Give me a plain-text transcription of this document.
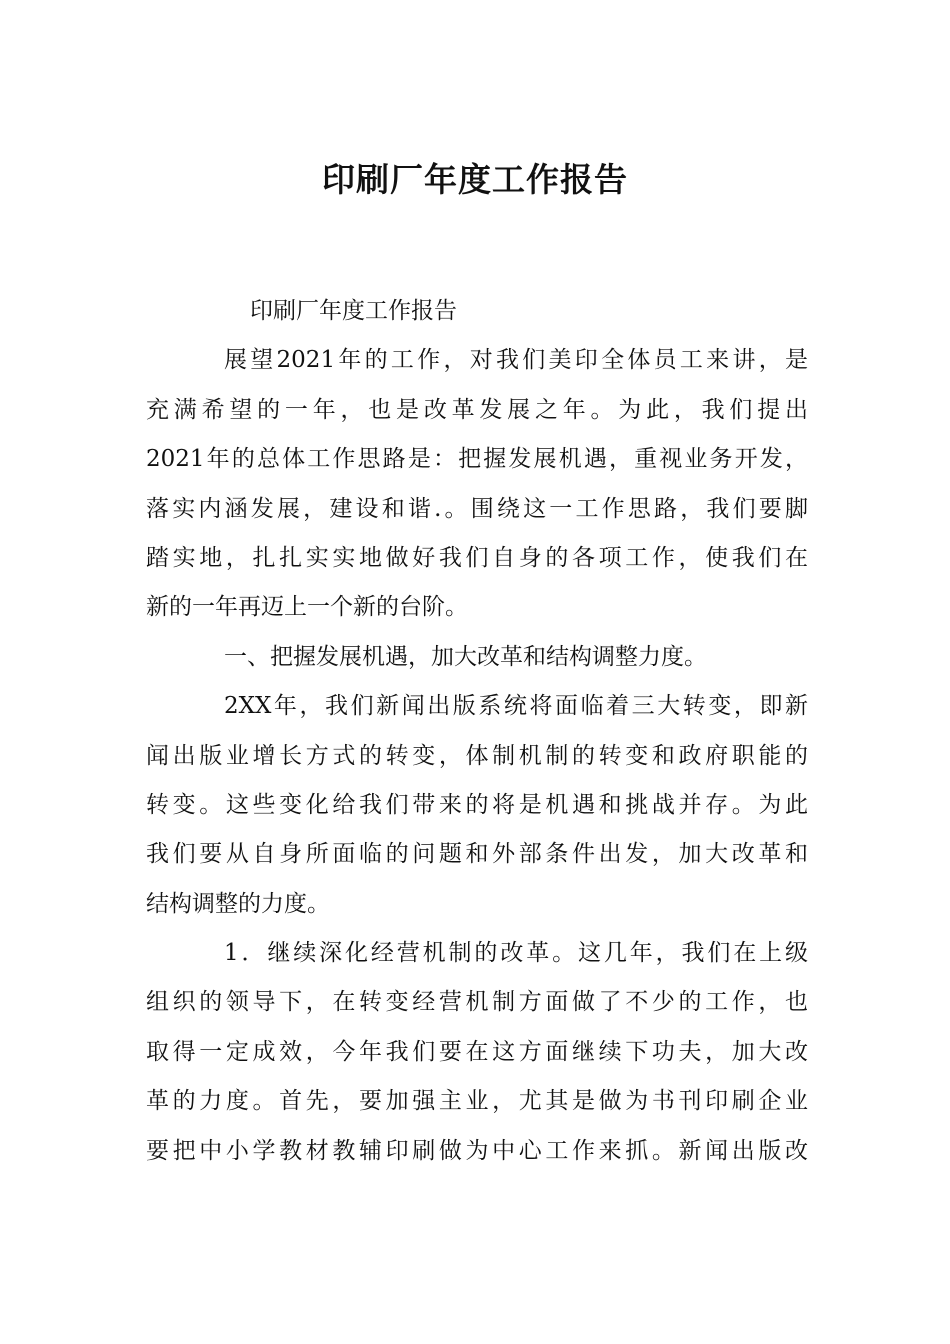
印刷厂年度工作报告

印刷厂年度工作报告

展望2021年的工作，对我们美印全体员工来讲，是
充满希望的一年，也是改革发展之年。为此，我们提出
2021年的总体工作思路是：把握发展机遇，重视业务开发，
落实内涵发展，建设和谐.。围绕这一工作思路，我们要脚
踏实地，扎扎实实地做好我们自身的各项工作，使我们在
新的一年再迈上一个新的台阶。
一、把握发展机遇，加大改革和结构调整力度。
2XX年，我们新闻出版系统将面临着三大转变，即新
闻出版业增长方式的转变，体制机制的转变和政府职能的
转变。这些变化给我们带来的将是机遇和挑战并存。为此
我们要从自身所面临的问题和外部条件出发，加大改革和
结构调整的力度。
1．继续深化经营机制的改革。这几年，我们在上级
组织的领导下，在转变经营机制方面做了不少的工作，也
取得一定成效，今年我们要在这方面继续下功夫，加大改
革的力度。首先，要加强主业，尤其是做为书刊印刷企业
要把中小学教材教辅印刷做为中心工作来抓。新闻出版改
